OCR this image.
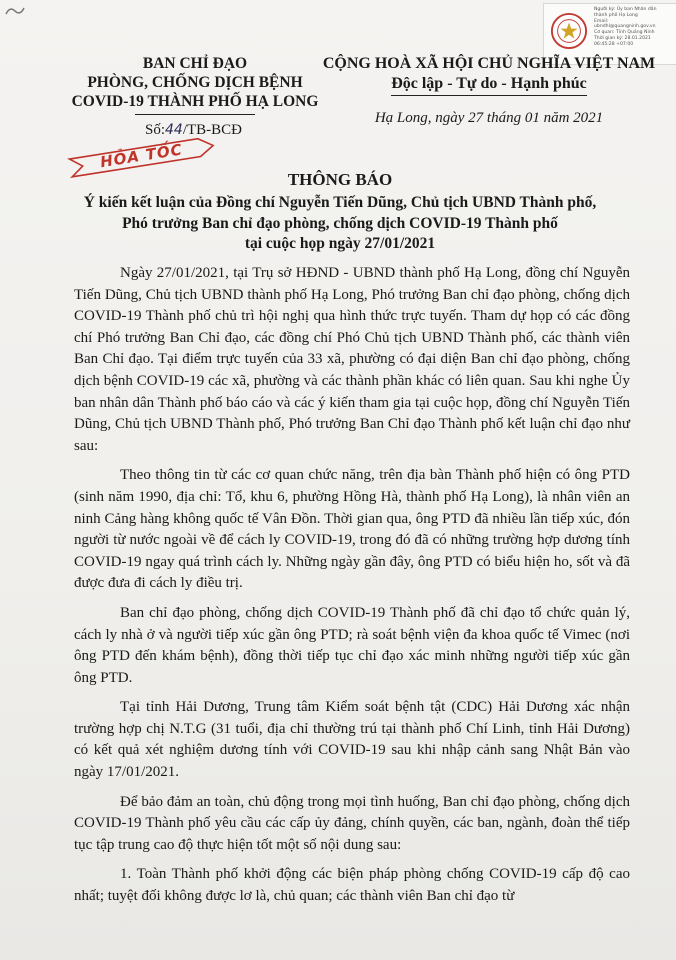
Người ký: Ủy ban Nhân dân
thành phố Hạ Long
Email:
ubndhl@quangninh.gov.vn
Cơ quan: Tỉnh Quảng Ninh
Thời gian ký: 28.01.2021
06:45:28 +07:00
BAN CHỈ ĐẠO
PHÒNG, CHỐNG DỊCH BỆNH
COVID-19 THÀNH PHỐ HẠ LONG
Số:44/TB-BCĐ
HỎA TỐC
CỘNG HOÀ XÃ HỘI CHỦ NGHĨA VIỆT NAM
Độc lập - Tự do - Hạnh phúc
Hạ Long, ngày 27 tháng 01 năm 2021
THÔNG BÁO
Ý kiến kết luận của Đồng chí Nguyễn Tiến Dũng, Chủ tịch UBND Thành phố,
Phó trưởng Ban chỉ đạo phòng, chống dịch COVID-19 Thành phố
tại cuộc họp ngày 27/01/2021

Ngày 27/01/2021, tại Trụ sở HĐND - UBND thành phố Hạ Long, đồng chí Nguyễn Tiến Dũng, Chủ tịch UBND thành phố Hạ Long, Phó trưởng Ban chỉ đạo phòng, chống dịch COVID-19 Thành phố chủ trì hội nghị qua hình thức trực tuyến. Tham dự họp có các đồng chí Phó trưởng Ban Chỉ đạo, các đồng chí Phó Chủ tịch UBND Thành phố, các thành viên Ban Chỉ đạo. Tại điểm trực tuyến của 33 xã, phường có đại diện Ban chỉ đạo phòng, chống dịch bệnh COVID-19 các xã, phường và các thành phần khác có liên quan. Sau khi nghe Ủy ban nhân dân Thành phố báo cáo và các ý kiến tham gia tại cuộc họp, đồng chí Nguyễn Tiến Dũng, Chủ tịch UBND Thành phố, Phó trưởng Ban Chỉ đạo Thành phố kết luận chỉ đạo như sau:

Theo thông tin từ các cơ quan chức năng, trên địa bàn Thành phố hiện có ông PTD (sinh năm 1990, địa chỉ: Tổ, khu 6, phường Hồng Hà, thành phố Hạ Long), là nhân viên an ninh Cảng hàng không quốc tế Vân Đồn. Thời gian qua, ông PTD đã nhiều lần tiếp xúc, đón người từ nước ngoài về để cách ly COVID-19, trong đó đã có những trường hợp dương tính COVID-19 ngay quá trình cách ly. Những ngày gần đây, ông PTD có biểu hiện ho, sốt và đã được đưa đi cách ly điều trị.

Ban chỉ đạo phòng, chống dịch COVID-19 Thành phố đã chỉ đạo tổ chức quản lý, cách ly nhà ở và người tiếp xúc gần ông PTD; rà soát bệnh viện đa khoa quốc tế Vimec (nơi ông PTD đến khám bệnh), đồng thời tiếp tục chỉ đạo xác minh những người tiếp xúc gần ông PTD.

Tại tỉnh Hải Dương, Trung tâm Kiểm soát bệnh tật (CDC) Hải Dương xác nhận trường hợp chị N.T.G (31 tuổi, địa chỉ thường trú tại thành phố Chí Linh, tỉnh Hải Dương) có kết quả xét nghiệm dương tính với COVID-19 sau khi nhập cảnh sang Nhật Bản vào ngày 17/01/2021.

Để bảo đảm an toàn, chủ động trong mọi tình huống, Ban chỉ đạo phòng, chống dịch COVID-19 Thành phố yêu cầu các cấp ủy đảng, chính quyền, các ban, ngành, đoàn thể tiếp tục tập trung cao độ thực hiện tốt một số nội dung sau:

1. Toàn Thành phố khởi động các biện pháp phòng chống COVID-19 cấp độ cao nhất; tuyệt đối không được lơ là, chủ quan; các thành viên Ban chỉ đạo từ
